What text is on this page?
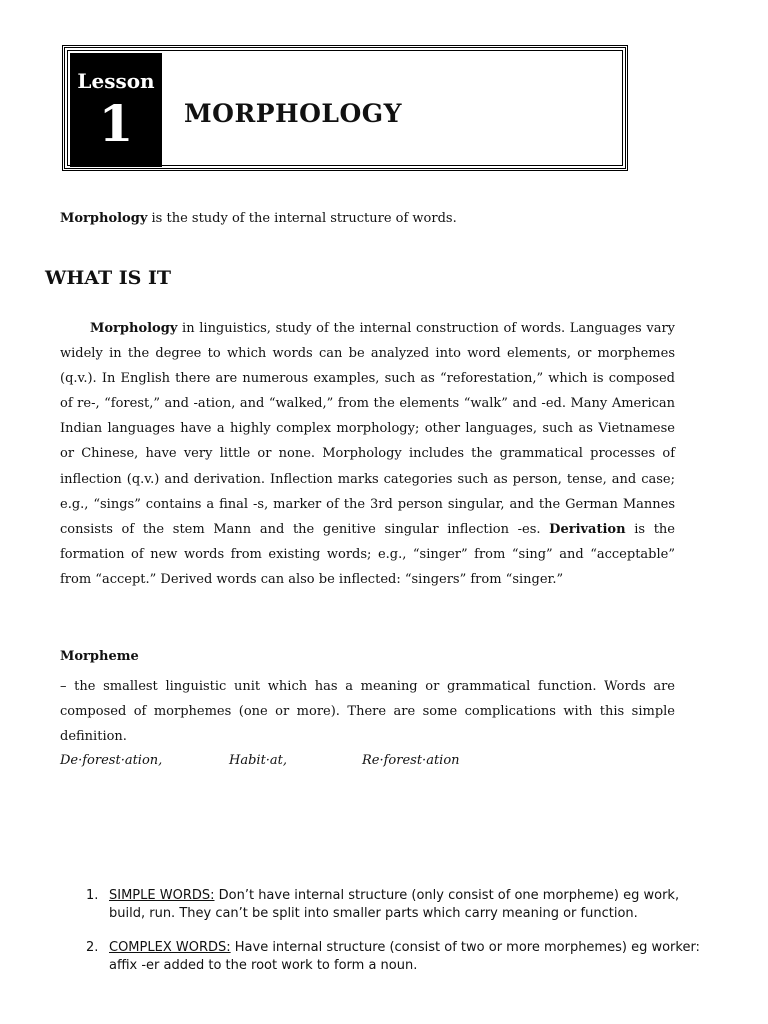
Lesson
1	MORPHOLOGY
Morphology is the study of the internal structure of words.
WHAT IS IT

Morphology in linguistics, study of the internal construction of words. Languages vary widely in the degree to which words can be analyzed into word elements, or morphemes (q.v.). In English there are numerous examples, such as “reforestation,” which is composed of re-, “forest,” and -ation, and “walked,” from the elements “walk” and -ed. Many American Indian languages have a highly complex morphology; other languages, such as Vietnamese or Chinese, have very little or none. Morphology includes the grammatical processes of inflection (q.v.) and derivation. Inflection marks categories such as person, tense, and case; e.g., “sings” contains a final -s, marker of the 3rd person singular, and the German Mannes consists of the stem Mann and the genitive singular inflection -es. Derivation is the formation of new words from existing words; e.g., “singer” from “sing” and “acceptable” from “accept.” Derived words can also be inflected: “singers” from “singer.”

Morpheme

– the smallest linguistic unit which has a meaning or grammatical function. Words are composed of morphemes (one or more). There are some complications with this simple definition.

De·forest·ation,	Habit·at,	Re·forest·ation
1. SIMPLE WORDS: Don’t have internal structure (only consist of one morpheme) eg work, build, run. They can’t be split into smaller parts which carry meaning or function.
2. COMPLEX WORDS: Have internal structure (consist of two or more morphemes) eg worker: affix -er added to the root work to form a noun.
